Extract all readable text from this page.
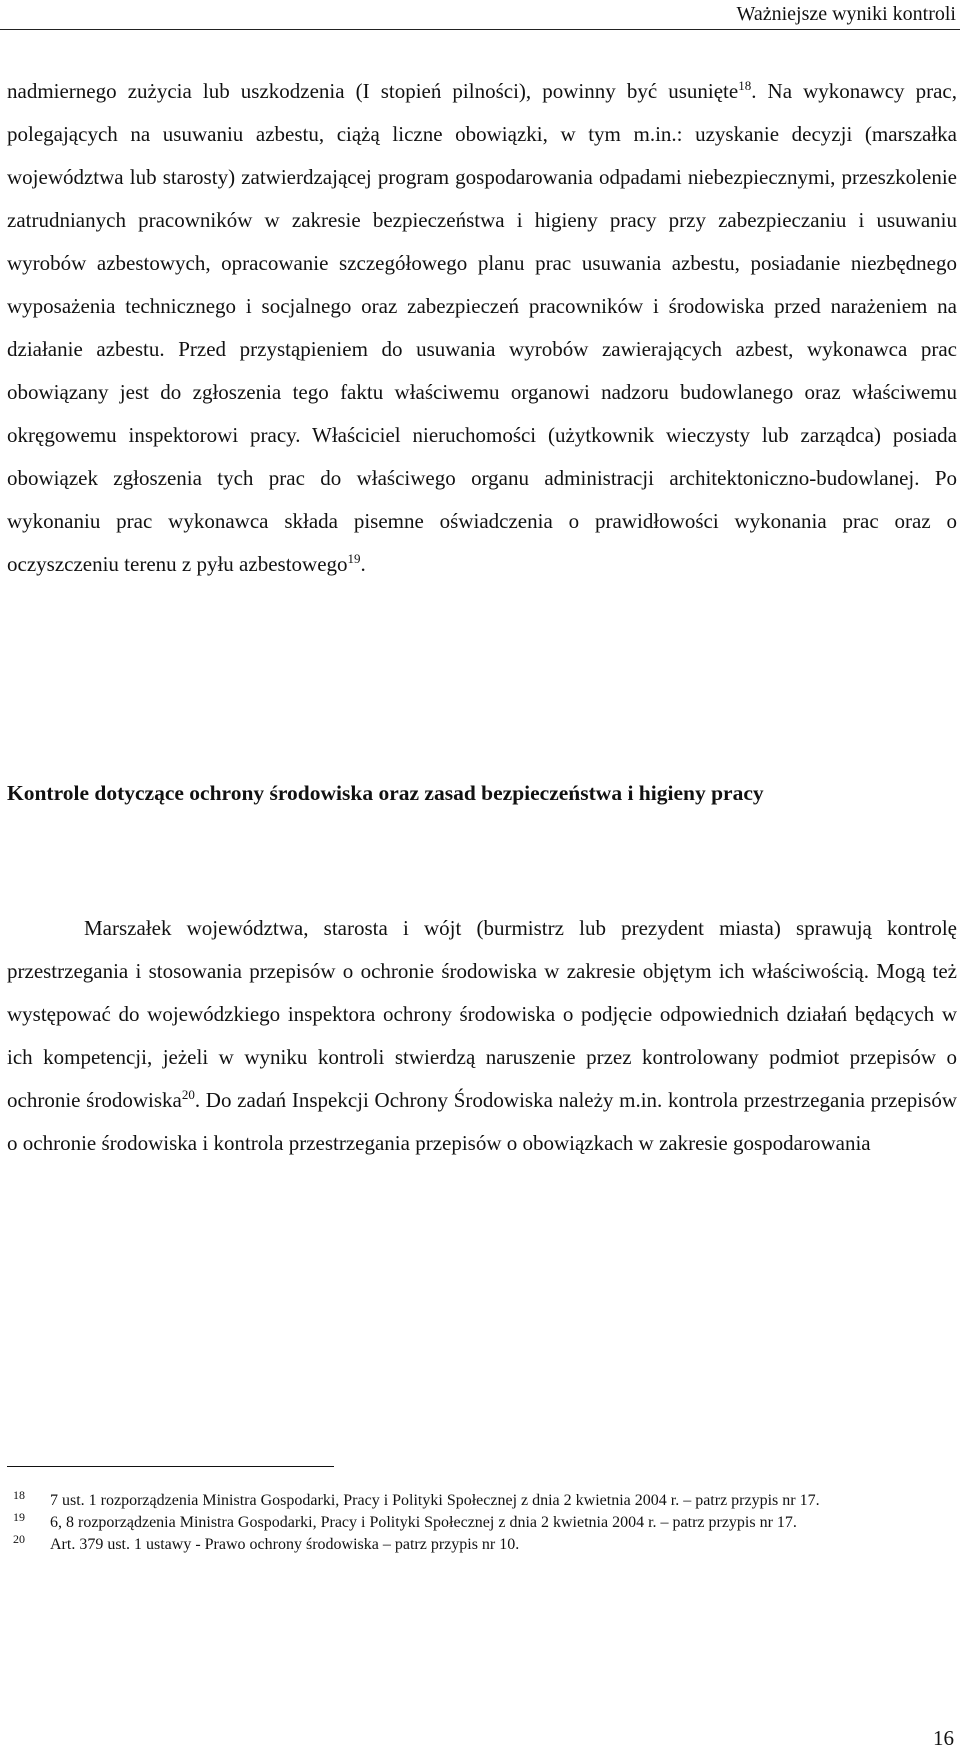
Ważniejsze wyniki kontroli

nadmiernego zużycia lub uszkodzenia (I stopień pilności), powinny być usunięte$^{18}$. Na wykonawcy prac, polegających na usuwaniu azbestu, ciążą liczne obowiązki, w tym m.in.: uzyskanie decyzji (marszałka województwa lub starosty) zatwierdzającej program gospodarowania odpadami niebezpiecznymi, przeszkolenie zatrudnianych pracowników w zakresie bezpieczeństwa i higieny pracy przy zabezpieczaniu i usuwaniu wyrobów azbestowych, opracowanie szczegółowego planu prac usuwania azbestu, posiadanie niezbędnego wyposażenia technicznego i socjalnego oraz zabezpieczeń pracowników i środowiska przed narażeniem na działanie azbestu. Przed przystąpieniem do usuwania wyrobów zawierających azbest, wykonawca prac obowiązany jest do zgłoszenia tego faktu właściwemu organowi nadzoru budowlanego oraz właściwemu okręgowemu inspektorowi pracy. Właściciel nieruchomości (użytkownik wieczysty lub zarządca) posiada obowiązek zgłoszenia tych prac do właściwego organu administracji architektoniczno-budowlanej. Po wykonaniu prac wykonawca składa pisemne oświadczenia o prawidłowości wykonania prac oraz o oczyszczeniu terenu z pyłu azbestowego$^{19}$.

Kontrole dotyczące ochrony środowiska oraz zasad bezpieczeństwa i higieny pracy

Marszałek województwa, starosta i wójt (burmistrz lub prezydent miasta) sprawują kontrolę przestrzegania i stosowania przepisów o ochronie środowiska w zakresie objętym ich właściwością. Mogą też występować do wojewódzkiego inspektora ochrony środowiska o podjęcie odpowiednich działań będących w ich kompetencji, jeżeli w wyniku kontroli stwierdzą naruszenie przez kontrolowany podmiot przepisów o ochronie środowiska$^{20}$. Do zadań Inspekcji Ochrony Środowiska należy m.in. kontrola przestrzegania przepisów o ochronie środowiska i kontrola przestrzegania przepisów o obowiązkach w zakresie gospodarowania

18 7 ust. 1 rozporządzenia Ministra Gospodarki, Pracy i Polityki Społecznej z dnia 2 kwietnia 2004 r. – patrz przypis nr 17.
19 6, 8 rozporządzenia Ministra Gospodarki, Pracy i Polityki Społecznej z dnia 2 kwietnia 2004 r. – patrz przypis nr 17.
20 Art. 379 ust. 1 ustawy - Prawo ochrony środowiska – patrz przypis nr 10.
16
